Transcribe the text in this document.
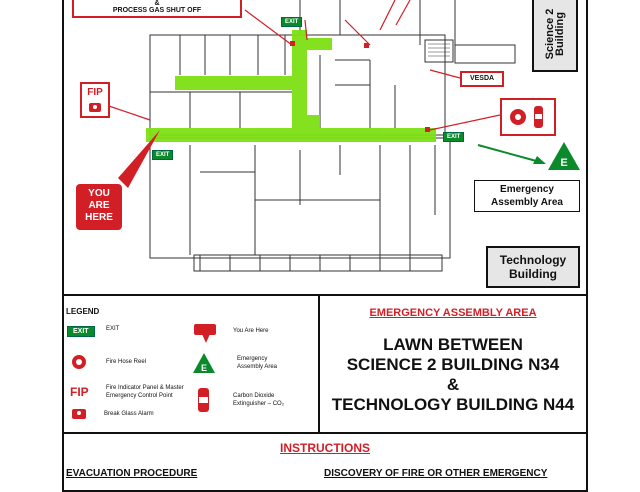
&
PROCESS GAS SHUT OFF
EXIT
EXIT
EXIT
FIP
YOU
ARE
HERE
VESDA
Science 2
Building
E
Emergency
Assembly Area
Technology
Building
LEGEND
EXIT	EXIT
Fire Hose Reel
FIP	Fire Indicator Panel & Master
Emergency Control Point
Break Glass Alarm
You Are Here
E
Emergency
Assembly Area
Carbon Dioxide
Extinguisher – CO₂
EMERGENCY ASSEMBLY AREA
LAWN BETWEEN
SCIENCE 2 BUILDING N34
&
TECHNOLOGY BUILDING N44
INSTRUCTIONS
EVACUATION PROCEDURE	DISCOVERY OF FIRE OR OTHER EMERGENCY
